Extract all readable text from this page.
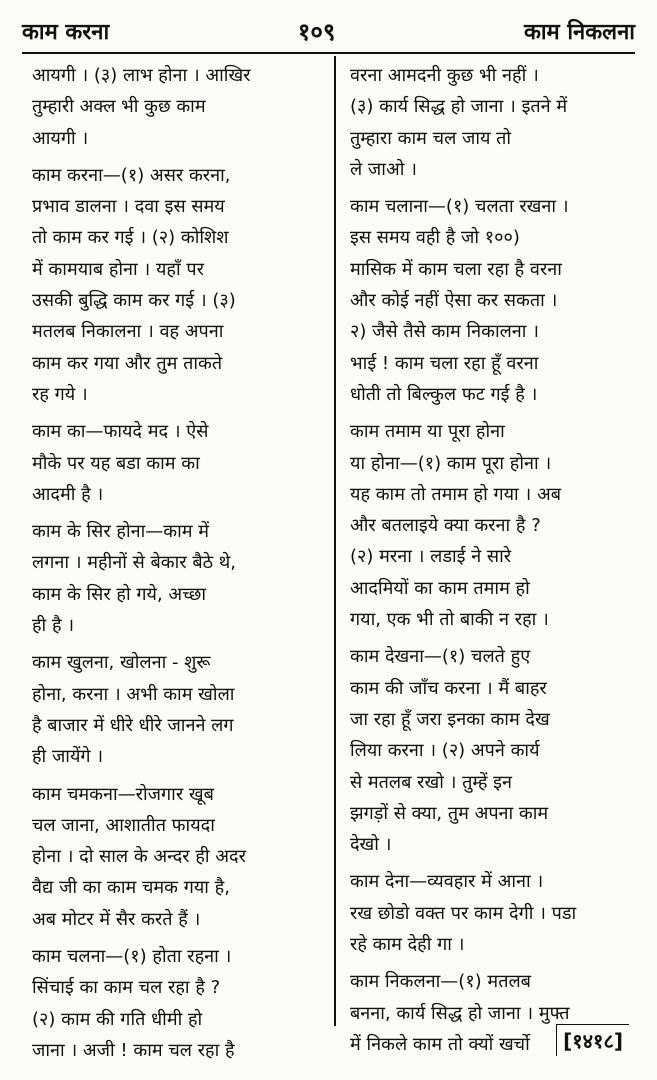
काम करना	१०९	काम निकलना
आयगी । (३) लाभ होना । आखिर
तुम्हारी अक्ल भी कुछ काम
आयगी ।
काम करना—(१) असर करना,
प्रभाव डालना । दवा इस समय
तो काम कर गई । (२) कोशिश
में कामयाब होना । यहाँ पर
उसकी बुद्धि काम कर गई । (३)
मतलब निकालना । वह अपना
काम कर गया और तुम ताकते
रह गये ।
काम का—फायदे मद । ऐसे
मौके पर यह बडा काम का
आदमी है ।
काम के सिर होना—काम में
लगना । महीनों से बेकार बैठे थे,
काम के सिर हो गये, अच्छा
ही है ।
काम खुलना, खोलना - शुरू
होना, करना । अभी काम खोला
है बाजार में धीरे धीरे जानने लग
ही जायेंगे ।
काम चमकना—रोजगार खूब
चल जाना, आशातीत फायदा
होना । दो साल के अन्दर ही अदर
वैद्य जी का काम चमक गया है,
अब मोटर में सैर करते हैं ।
काम चलना—(१) होता रहना ।
सिंचाई का काम चल रहा है ?
(२) काम की गति धीमी हो
जाना । अजी ! काम चल रहा है
वरना आमदनी कुछ भी नहीं ।
(३) कार्य सिद्ध हो जाना । इतने में
तुम्हारा काम चल जाय तो
ले जाओ ।
काम चलाना—(१) चलता रखना ।
इस समय वही है जो १००)
मासिक में काम चला रहा है वरना
और कोई नहीं ऐसा कर सकता ।
२) जैसे तैसे काम निकालना ।
भाई ! काम चला रहा हूँ वरना
धोती तो बिल्कुल फट गई है ।
काम तमाम या पूरा होना
या होना—(१) काम पूरा होना ।
यह काम तो तमाम हो गया । अब
और बतलाइये क्या करना है ?
(२) मरना । लडाई ने सारे
आदमियों का काम तमाम हो
गया, एक भी तो बाकी न रहा ।
काम देखना—(१) चलते हुए
काम की जाँच करना । मैं बाहर
जा रहा हूँ जरा इनका काम देख
लिया करना । (२) अपने कार्य
से मतलब रखो । तुम्हें इन
झगड़ों से क्या, तुम अपना काम
देखो ।
काम देना—व्यवहार में आना ।
रख छोडो वक्त पर काम देगी । पडा
रहे काम देही गा ।
काम निकलना—(१) मतलब
बनना, कार्य सिद्ध हो जाना । मुफ्त
में निकले काम तो क्यों खर्चो	[१४१८]
